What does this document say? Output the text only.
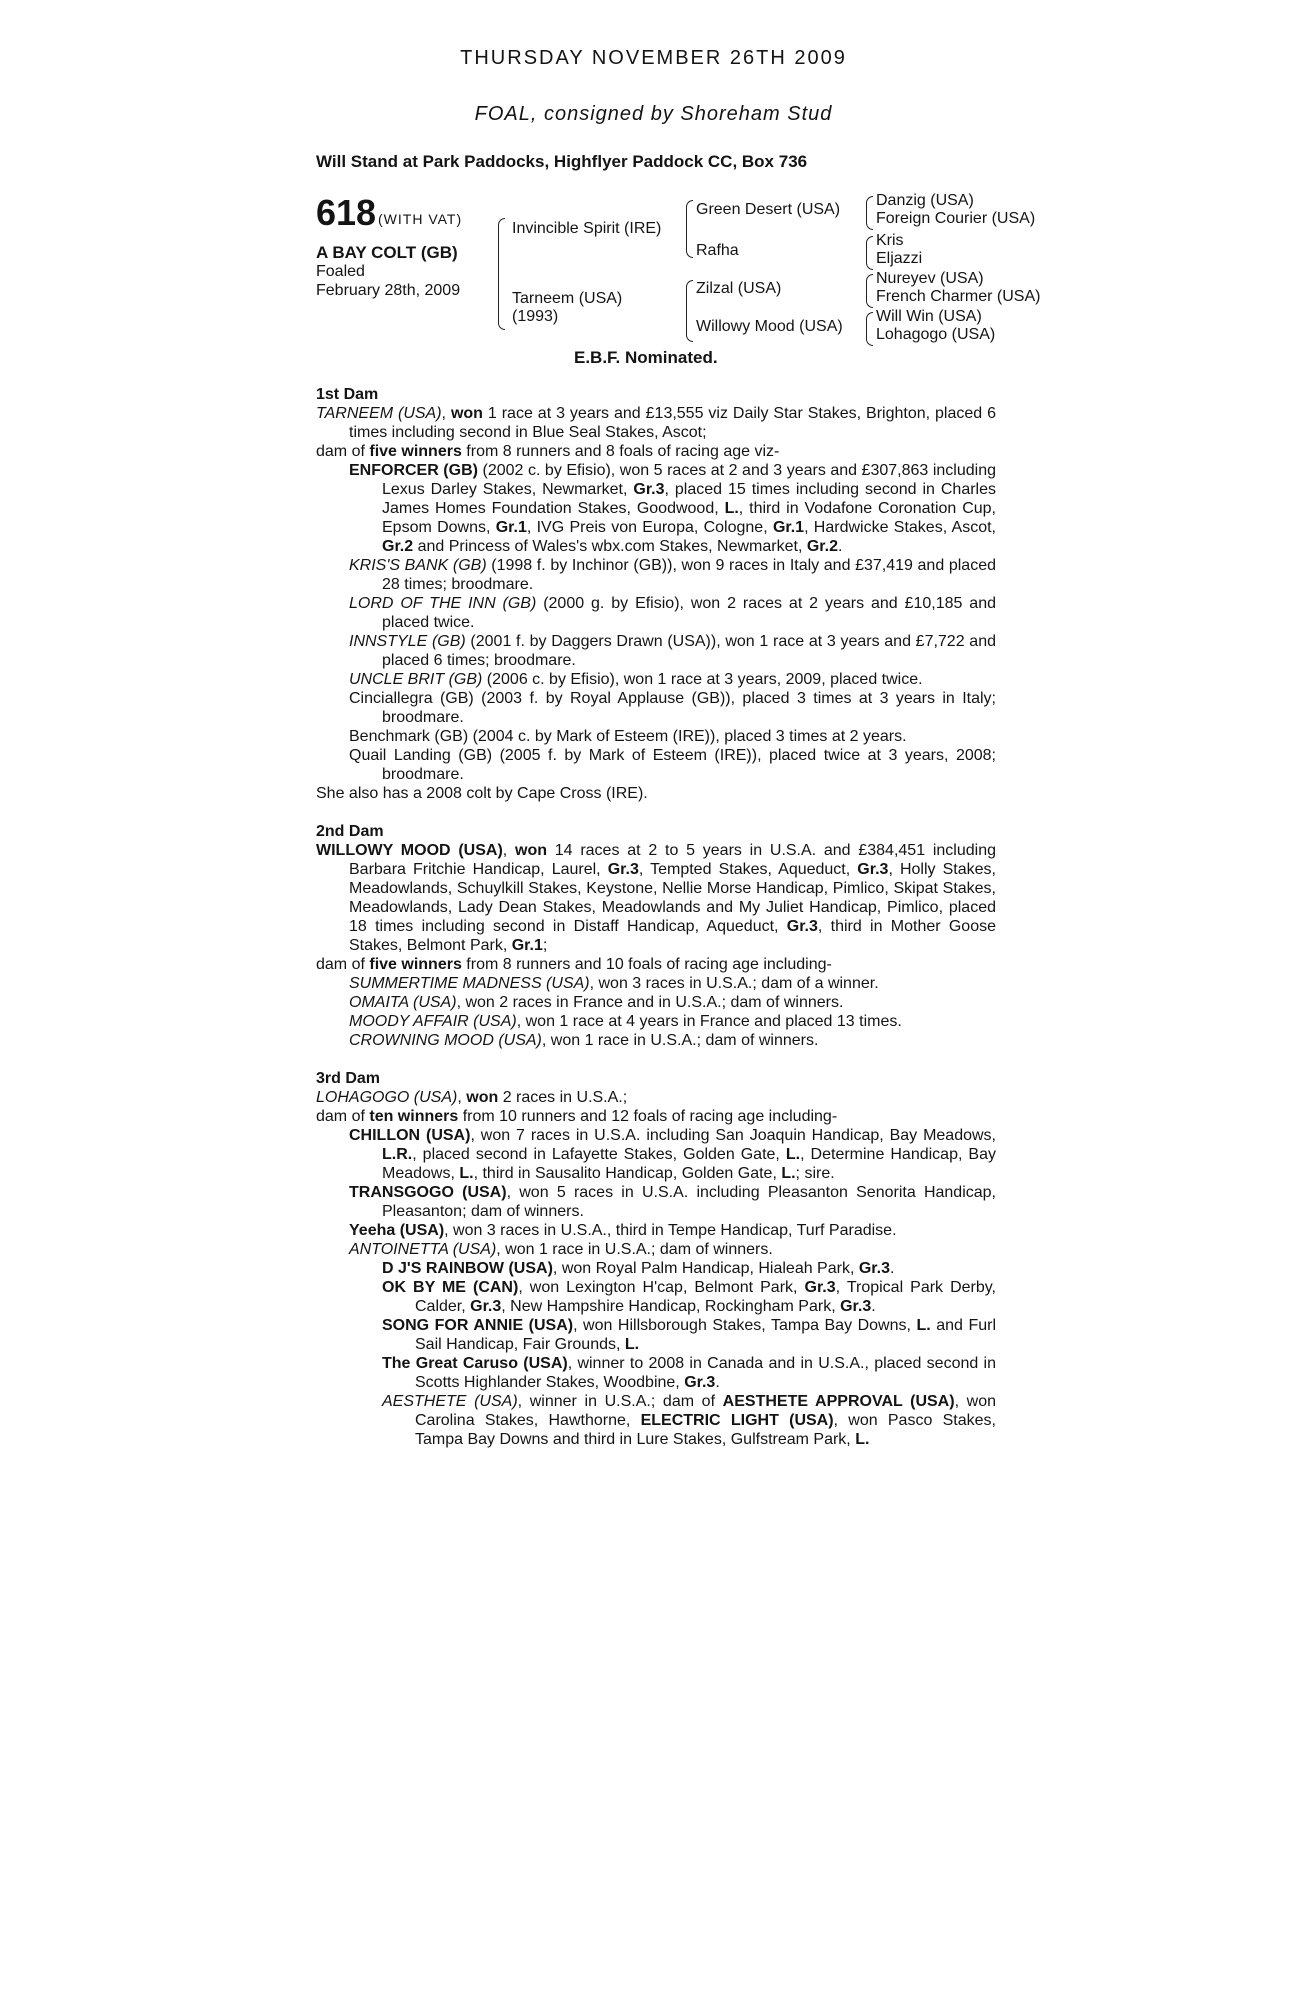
THURSDAY NOVEMBER 26TH 2009
FOAL, consigned by Shoreham Stud
Will Stand at Park Paddocks, Highflyer Paddock CC, Box 736
618 (WITH VAT)
A BAY COLT (GB)
Foaled
February 28th, 2009
Invincible Spirit (IRE)
Tarneem (USA)
(1993)
Green Desert (USA)
Rafha
Zilzal (USA)
Willowy Mood (USA)
Danzig (USA)
Foreign Courier (USA)
Kris
Eljazzi
Nureyev (USA)
French Charmer (USA)
Will Win (USA)
Lohagogo (USA)
E.B.F. Nominated.
1st Dam
TARNEEM (USA), won 1 race at 3 years and £13,555 viz Daily Star Stakes, Brighton, placed 6 times including second in Blue Seal Stakes, Ascot;
dam of five winners from 8 runners and 8 foals of racing age viz-
ENFORCER (GB) (2002 c. by Efisio), won 5 races at 2 and 3 years and £307,863 including Lexus Darley Stakes, Newmarket, Gr.3, placed 15 times including second in Charles James Homes Foundation Stakes, Goodwood, L., third in Vodafone Coronation Cup, Epsom Downs, Gr.1, IVG Preis von Europa, Cologne, Gr.1, Hardwicke Stakes, Ascot, Gr.2 and Princess of Wales's wbx.com Stakes, Newmarket, Gr.2.
KRIS'S BANK (GB) (1998 f. by Inchinor (GB)), won 9 races in Italy and £37,419 and placed 28 times; broodmare.
LORD OF THE INN (GB) (2000 g. by Efisio), won 2 races at 2 years and £10,185 and placed twice.
INNSTYLE (GB) (2001 f. by Daggers Drawn (USA)), won 1 race at 3 years and £7,722 and placed 6 times; broodmare.
UNCLE BRIT (GB) (2006 c. by Efisio), won 1 race at 3 years, 2009, placed twice.
Cinciallegra (GB) (2003 f. by Royal Applause (GB)), placed 3 times at 3 years in Italy; broodmare.
Benchmark (GB) (2004 c. by Mark of Esteem (IRE)), placed 3 times at 2 years.
Quail Landing (GB) (2005 f. by Mark of Esteem (IRE)), placed twice at 3 years, 2008; broodmare.
She also has a 2008 colt by Cape Cross (IRE).
2nd Dam
WILLOWY MOOD (USA), won 14 races at 2 to 5 years in U.S.A. and £384,451 including Barbara Fritchie Handicap, Laurel, Gr.3, Tempted Stakes, Aqueduct, Gr.3, Holly Stakes, Meadowlands, Schuylkill Stakes, Keystone, Nellie Morse Handicap, Pimlico, Skipat Stakes, Meadowlands, Lady Dean Stakes, Meadowlands and My Juliet Handicap, Pimlico, placed 18 times including second in Distaff Handicap, Aqueduct, Gr.3, third in Mother Goose Stakes, Belmont Park, Gr.1;
dam of five winners from 8 runners and 10 foals of racing age including-
SUMMERTIME MADNESS (USA), won 3 races in U.S.A.; dam of a winner.
OMAITA (USA), won 2 races in France and in U.S.A.; dam of winners.
MOODY AFFAIR (USA), won 1 race at 4 years in France and placed 13 times.
CROWNING MOOD (USA), won 1 race in U.S.A.; dam of winners.
3rd Dam
LOHAGOGO (USA), won 2 races in U.S.A.;
dam of ten winners from 10 runners and 12 foals of racing age including-
CHILLON (USA), won 7 races in U.S.A. including San Joaquin Handicap, Bay Meadows, L.R., placed second in Lafayette Stakes, Golden Gate, L., Determine Handicap, Bay Meadows, L., third in Sausalito Handicap, Golden Gate, L.; sire.
TRANSGOGO (USA), won 5 races in U.S.A. including Pleasanton Senorita Handicap, Pleasanton; dam of winners.
Yeeha (USA), won 3 races in U.S.A., third in Tempe Handicap, Turf Paradise.
ANTOINETTA (USA), won 1 race in U.S.A.; dam of winners.
D J'S RAINBOW (USA), won Royal Palm Handicap, Hialeah Park, Gr.3.
OK BY ME (CAN), won Lexington H'cap, Belmont Park, Gr.3, Tropical Park Derby, Calder, Gr.3, New Hampshire Handicap, Rockingham Park, Gr.3.
SONG FOR ANNIE (USA), won Hillsborough Stakes, Tampa Bay Downs, L. and Furl Sail Handicap, Fair Grounds, L.
The Great Caruso (USA), winner to 2008 in Canada and in U.S.A., placed second in Scotts Highlander Stakes, Woodbine, Gr.3.
AESTHETE (USA), winner in U.S.A.; dam of AESTHETE APPROVAL (USA), won Carolina Stakes, Hawthorne, ELECTRIC LIGHT (USA), won Pasco Stakes, Tampa Bay Downs and third in Lure Stakes, Gulfstream Park, L.
